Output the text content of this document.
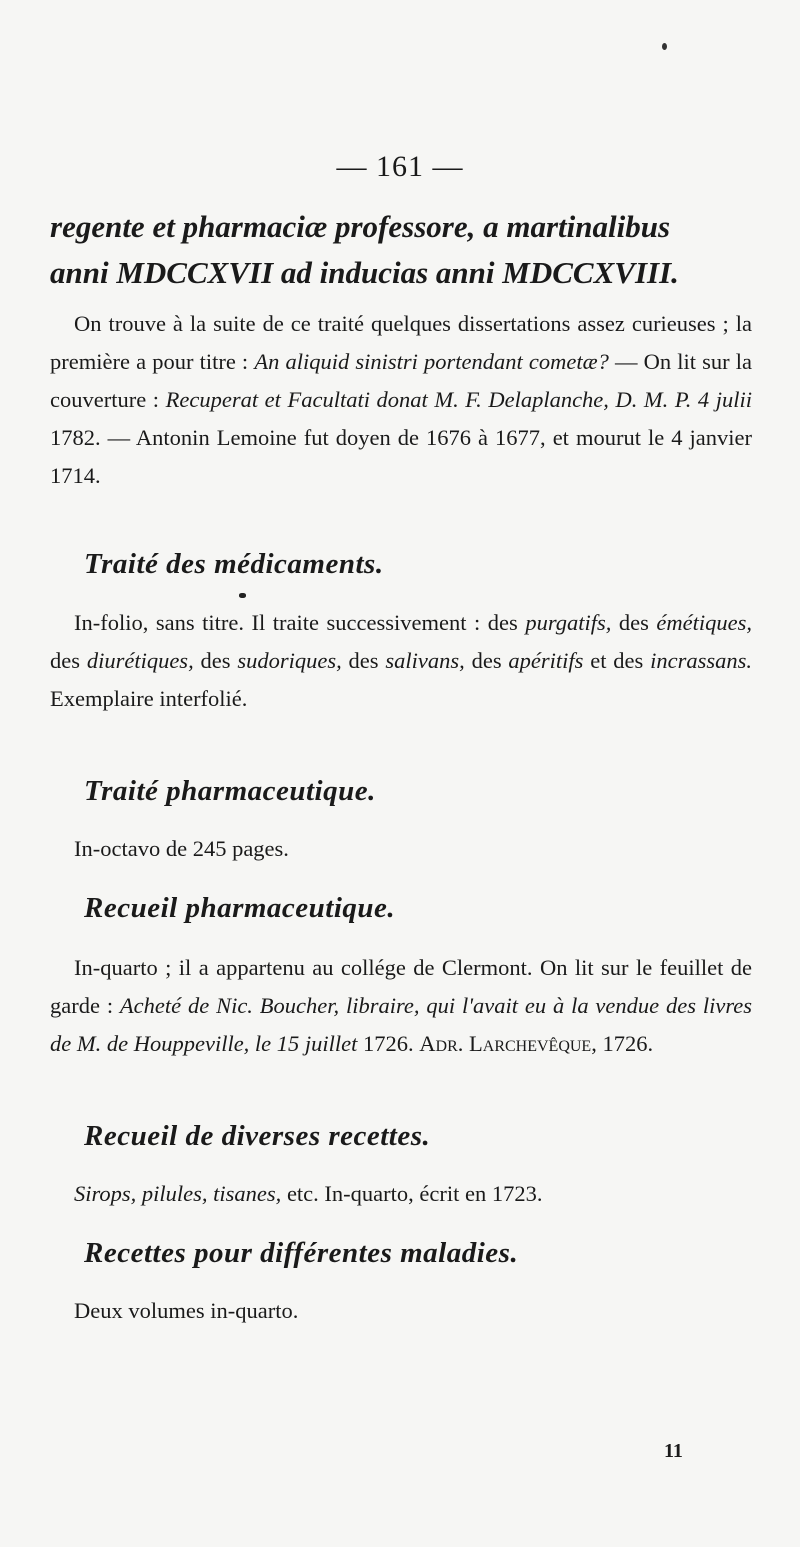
— 161 —
regente et pharmaciæ professore, a martinalibus
anni MDCCXVII ad inducias anni MDCCXVIII.

On trouve à la suite de ce traité quelques dissertations assez curieuses ; la première a pour titre : An aliquid sinistri portendant cometæ? — On lit sur la couverture : Recuperat et Facultati donat M. F. Delaplanche, D. M. P. 4 julii 1782. — Antonin Lemoine fut doyen de 1676 à 1677, et mourut le 4 janvier 1714.

Traité des médicaments.

In-folio, sans titre. Il traite successivement : des purgatifs, des émétiques, des diurétiques, des sudoriques, des salivans, des apéritifs et des incrassans. Exemplaire interfolié.

Traité pharmaceutique.

In-octavo de 245 pages.

Recueil pharmaceutique.

In-quarto ; il a appartenu au collége de Clermont. On lit sur le feuillet de garde : Acheté de Nic. Boucher, libraire, qui l'avait eu à la vendue des livres de M. de Houppeville, le 15 juillet 1726. Adr. Larchevêque, 1726.

Recueil de diverses recettes.

Sirops, pilules, tisanes, etc. In-quarto, écrit en 1723.

Recettes pour différentes maladies.

Deux volumes in-quarto.

11
